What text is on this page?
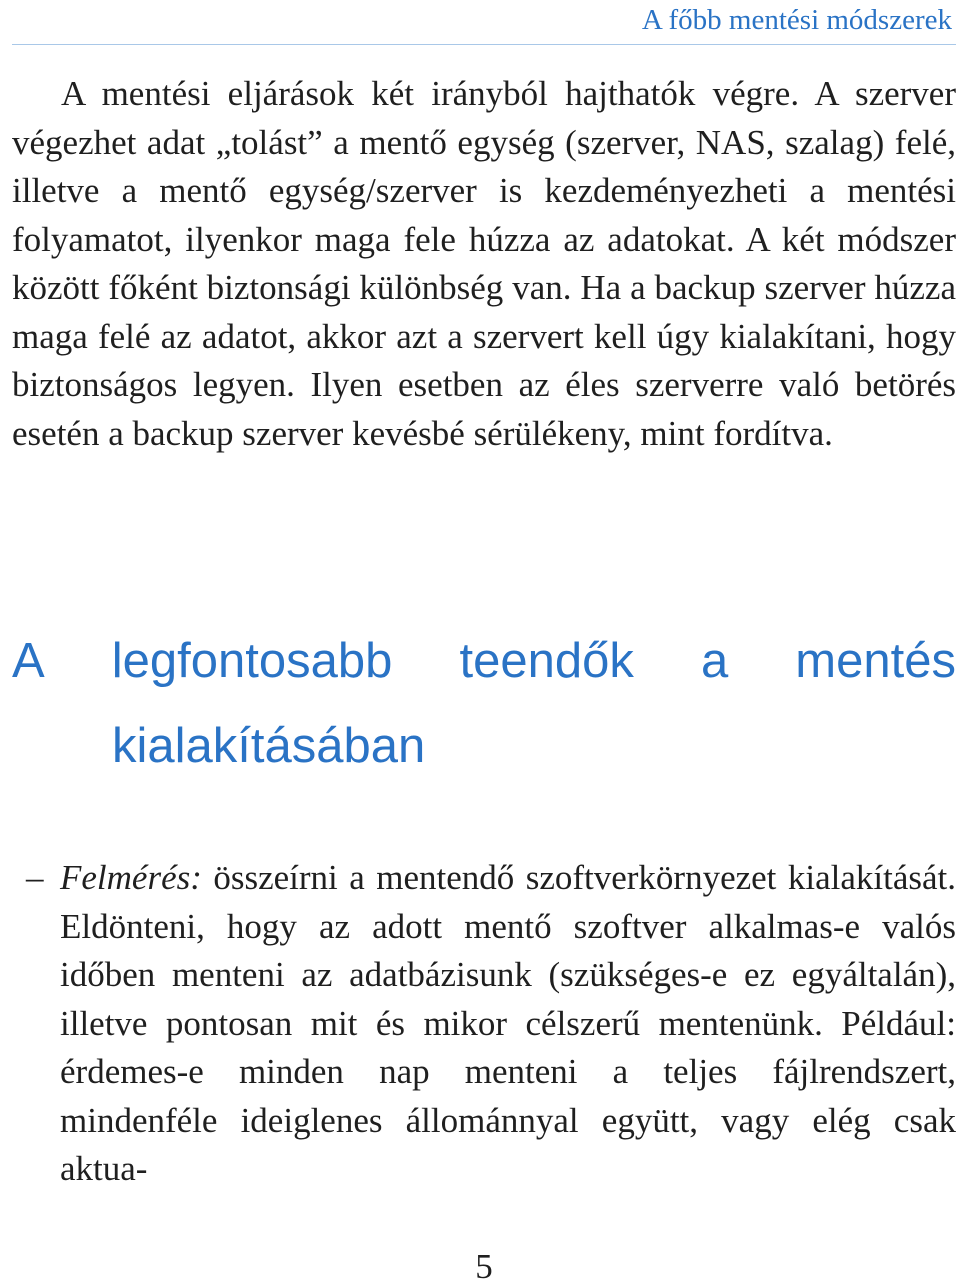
A főbb mentési módszerek

A mentési eljárások két irányból hajthatók végre. A szerver végezhet adat „tolást” a mentő egység (szerver, NAS, szalag) felé, illetve a mentő egység/szerver is kezdeményezheti a mentési folyamatot, ilyenkor maga fele húzza az adatokat. A két módszer között főként biztonsági különbség van. Ha a backup szerver húzza maga felé az adatot, akkor azt a szervert kell úgy kialakítani, hogy biztonságos legyen. Ilyen esetben az éles szerverre való betörés esetén a backup szerver kevésbé sérülékeny, mint fordítva.

A legfontosabb teendők a mentés
kialakításában

– Felmérés: összeírni a mentendő szoftverkörnyezet kialakítását. Eldönteni, hogy az adott mentő szoftver alkalmas-e valós időben menteni az adatbázisunk (szükséges-e ez egyáltalán), illetve pontosan mit és mikor célszerű mentenünk. Például: érdemes-e minden nap menteni a teljes fájlrendszert, mindenféle ideiglenes állománnyal együtt, vagy elég csak aktua-

5
